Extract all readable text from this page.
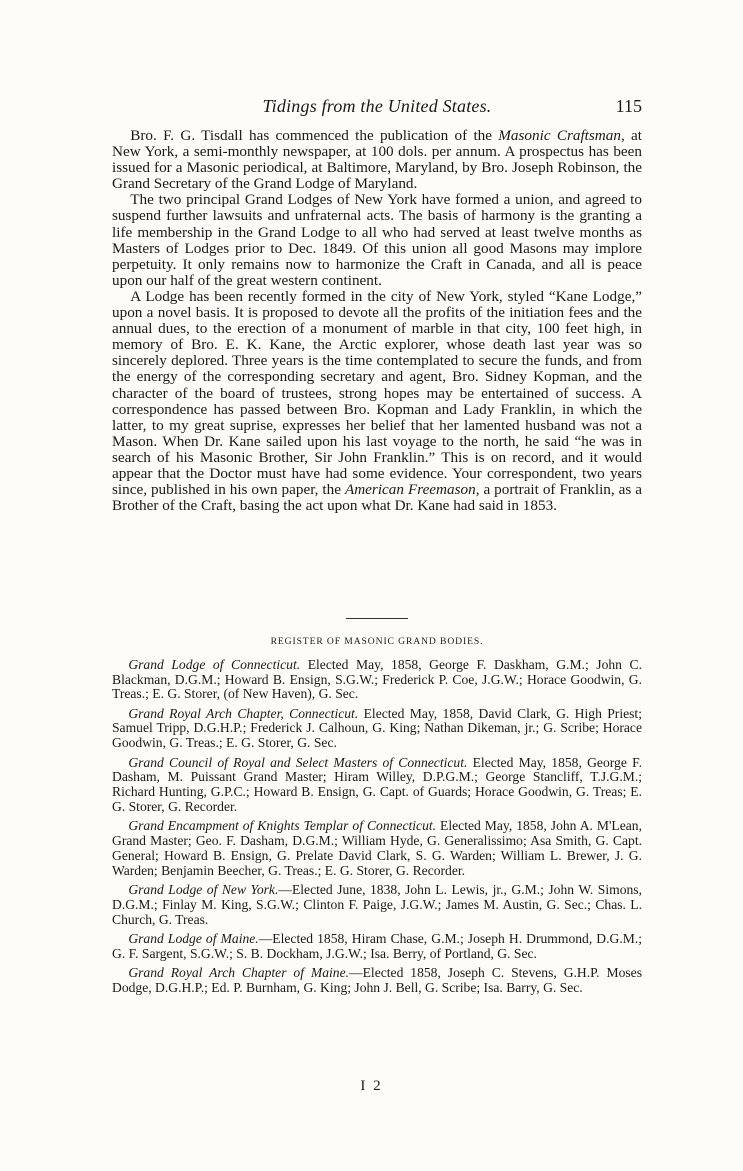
Tidings from the United States.	115

Bro. F. G. Tisdall has commenced the publication of the Masonic Craftsman, at New York, a semi-monthly newspaper, at 100 dols. per annum. A prospectus has been issued for a Masonic periodical, at Baltimore, Maryland, by Bro. Joseph Robinson, the Grand Secretary of the Grand Lodge of Maryland.

The two principal Grand Lodges of New York have formed a union, and agreed to suspend further lawsuits and unfraternal acts. The basis of harmony is the granting a life membership in the Grand Lodge to all who had served at least twelve months as Masters of Lodges prior to Dec. 1849. Of this union all good Masons may implore perpetuity. It only remains now to harmonize the Craft in Canada, and all is peace upon our half of the great western continent.

A Lodge has been recently formed in the city of New York, styled “Kane Lodge,” upon a novel basis. It is proposed to devote all the profits of the initiation fees and the annual dues, to the erection of a monument of marble in that city, 100 feet high, in memory of Bro. E. K. Kane, the Arctic explorer, whose death last year was so sincerely deplored. Three years is the time contemplated to secure the funds, and from the energy of the corresponding secretary and agent, Bro. Sidney Kopman, and the character of the board of trustees, strong hopes may be entertained of success. A correspondence has passed between Bro. Kopman and Lady Franklin, in which the latter, to my great suprise, expresses her belief that her lamented husband was not a Mason. When Dr. Kane sailed upon his last voyage to the north, he said “he was in search of his Masonic Brother, Sir John Franklin.” This is on record, and it would appear that the Doctor must have had some evidence. Your correspondent, two years since, published in his own paper, the American Freemason, a portrait of Franklin, as a Brother of the Craft, basing the act upon what Dr. Kane had said in 1853.

REGISTER OF MASONIC GRAND BODIES.

Grand Lodge of Connecticut. Elected May, 1858, George F. Daskham, G.M.; John C. Blackman, D.G.M.; Howard B. Ensign, S.G.W.; Frederick P. Coe, J.G.W.; Horace Goodwin, G. Treas.; E. G. Storer, (of New Haven), G. Sec.

Grand Royal Arch Chapter, Connecticut. Elected May, 1858, David Clark, G. High Priest; Samuel Tripp, D.G.H.P.; Frederick J. Calhoun, G. King; Nathan Dikeman, jr.; G. Scribe; Horace Goodwin, G. Treas.; E. G. Storer, G. Sec.

Grand Council of Royal and Select Masters of Connecticut. Elected May, 1858, George F. Dasham, M. Puissant Grand Master; Hiram Willey, D.P.G.M.; George Stancliff, T.J.G.M.; Richard Hunting, G.P.C.; Howard B. Ensign, G. Capt. of Guards; Horace Goodwin, G. Treas; E. G. Storer, G. Recorder.

Grand Encampment of Knights Templar of Connecticut. Elected May, 1858, John A. M'Lean, Grand Master; Geo. F. Dasham, D.G.M.; William Hyde, G. Generalissimo; Asa Smith, G. Capt. General; Howard B. Ensign, G. Prelate David Clark, S. G. Warden; William L. Brewer, J. G. Warden; Benjamin Beecher, G. Treas.; E. G. Storer, G. Recorder.

Grand Lodge of New York.—Elected June, 1838, John L. Lewis, jr., G.M.; John W. Simons, D.G.M.; Finlay M. King, S.G.W.; Clinton F. Paige, J.G.W.; James M. Austin, G. Sec.; Chas. L. Church, G. Treas.

Grand Lodge of Maine.—Elected 1858, Hiram Chase, G.M.; Joseph H. Drummond, D.G.M.; G. F. Sargent, S.G.W.; S. B. Dockham, J.G.W.; Isa. Berry, of Portland, G. Sec.

Grand Royal Arch Chapter of Maine.—Elected 1858, Joseph C. Stevens, G.H.P. Moses Dodge, D.G.H.P.; Ed. P. Burnham, G. King; John J. Bell, G. Scribe; Isa. Barry, G. Sec.

I 2
